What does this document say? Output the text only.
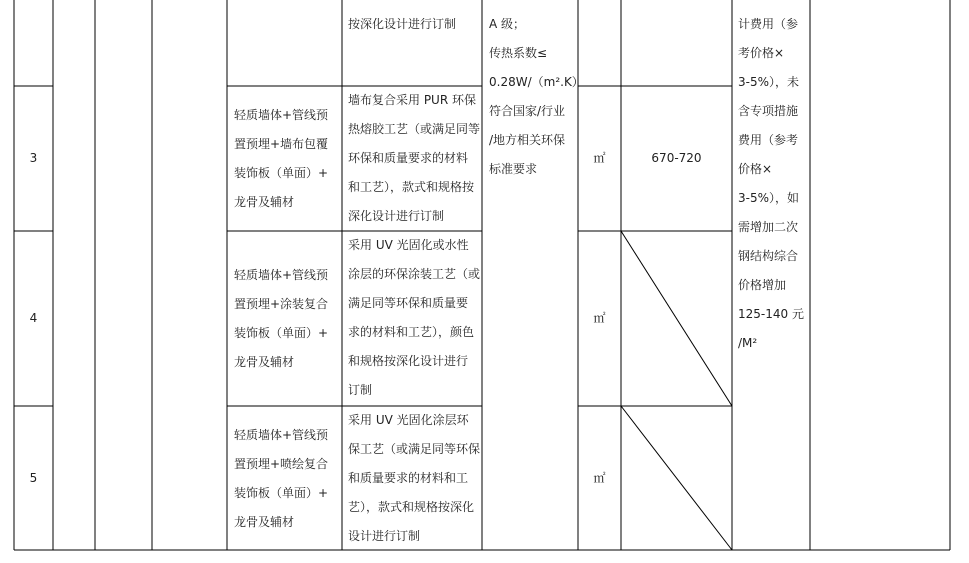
按深化设计进行订制	A 级；
传热系数≤
0.28W/（m².K）
符合国家/行业
/地方相关环保
标准要求
计费用（参
考价格×
3-5%），未
含专项措施
费用（参考
价格×
3-5%），如
需增加二次
钢结构综合
价格增加
125-140 元
/M²
3
轻质墙体+管线预
置预埋+墙布包覆
装饰板（单面）+
龙骨及辅材
墙布复合采用 PUR 环保
热熔胶工艺（或满足同等
环保和质量要求的材料
和工艺），款式和规格按
深化设计进行订制
㎡	670-720
4
轻质墙体+管线预
置预埋+涂装复合
装饰板（单面）+
龙骨及辅材
采用 UV 光固化或水性
涂层的环保涂装工艺（或
满足同等环保和质量要
求的材料和工艺），颜色
和规格按深化设计进行
订制
㎡
5
轻质墙体+管线预
置预埋+喷绘复合
装饰板（单面）+
龙骨及辅材
采用 UV 光固化涂层环
保工艺（或满足同等环保
和质量要求的材料和工
艺），款式和规格按深化
设计进行订制
㎡
